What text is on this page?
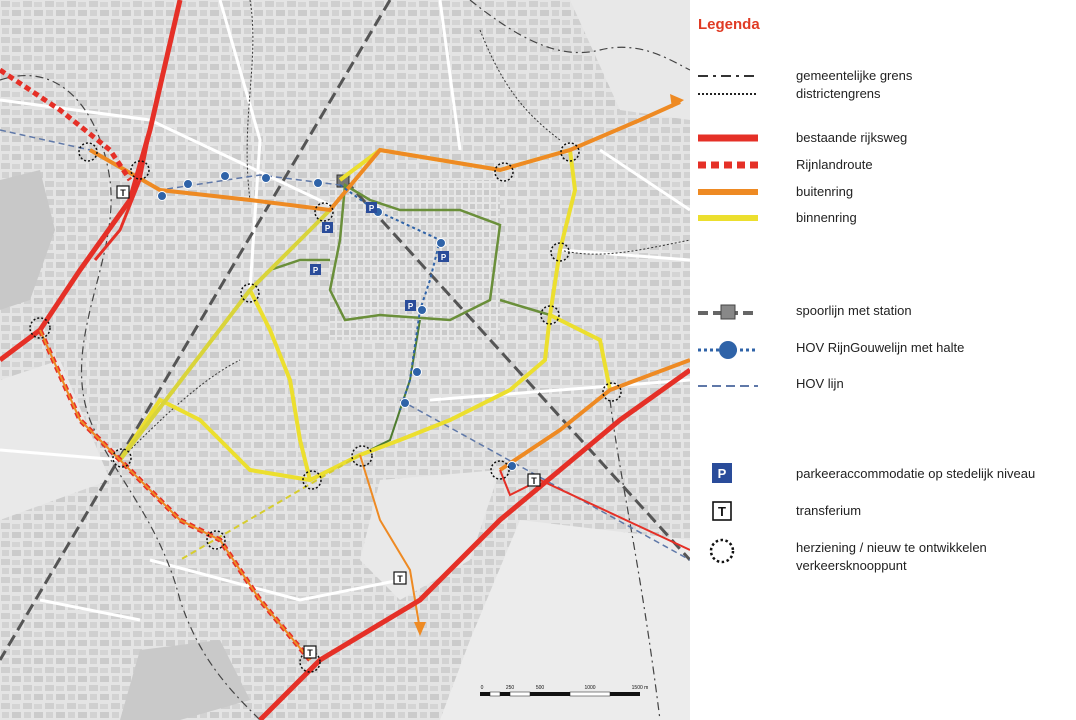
P
P
P
P
P
T
T
T
T
0	250	500	1000	1500 m
Legenda
gemeentelijke grens
districtengrens
bestaande rijksweg
Rijnlandroute
buitenring
binnenring
spoorlijn met station
HOV RijnGouwelijn met halte
HOV lijn
P	parkeeraccommodatie op stedelijk niveau
T	transferium
herziening / nieuw te ontwikkelen
verkeersknooppunt
